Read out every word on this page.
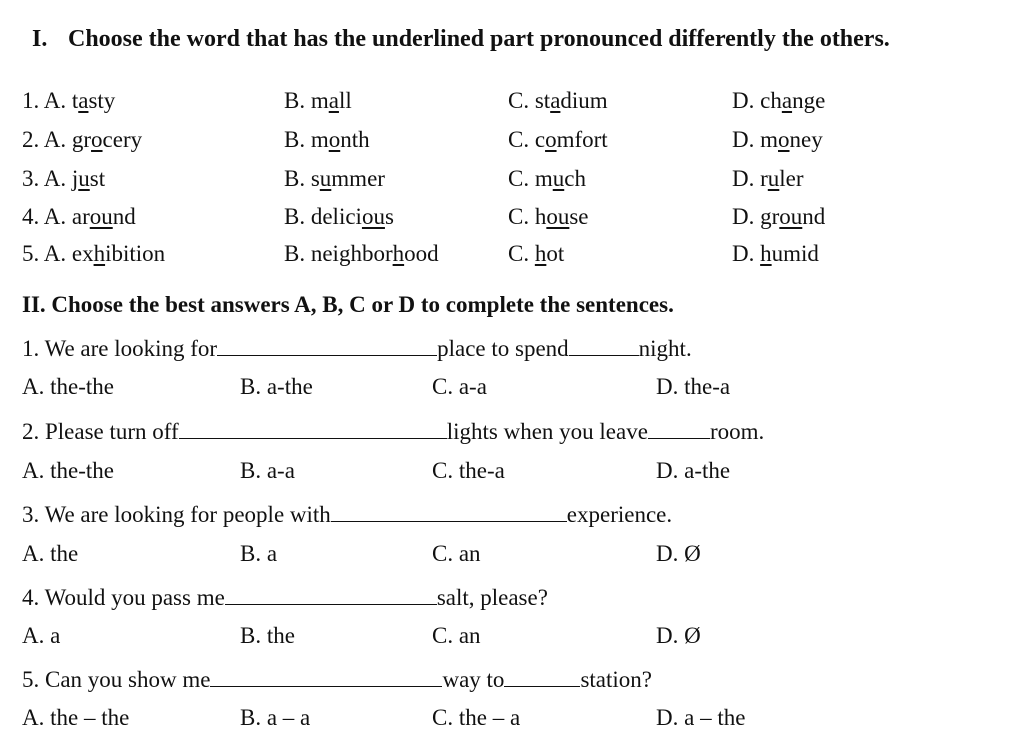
I. Choose the word that has the underlined part pronounced differently the others.
1. A. tasty	B. mall	C. stadium	D. change
2. A. grocery	B. month	C. comfort	D. money
3. A. just	B. summer	C. much	D. ruler
4. A. around	B. delicious	C. house	D. ground
5. A. exhibition	B. neighborhood	C. hot	D. humid
II. Choose the best answers A, B, C or D to complete the sentences.
1. We are looking for	place to spend	night.
A. the-the	B. a-the	C. a-a	D. the-a
2. Please turn off	lights when you leave	room.
A. the-the	B. a-a	C. the-a	D. a-the
3. We are looking for people with	experience.
A. the	B. a	C. an	D. Ø
4. Would you pass me	salt, please?
A. a	B. the	C. an	D. Ø
5. Can you show me	way to	station?
A. the – the	B. a – a	C. the – a	D. a – the
